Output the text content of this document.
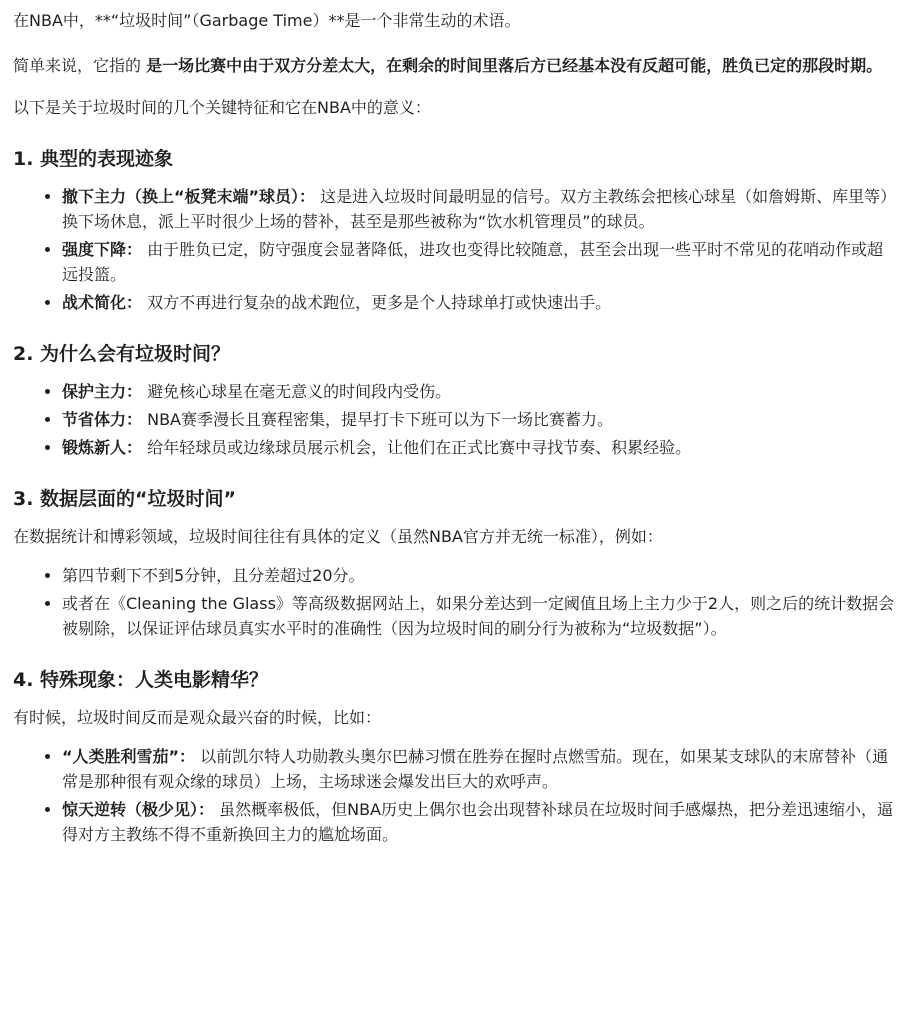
在NBA中，**“垃圾时间”（Garbage Time）**是一个非常生动的术语。

简单来说，它指的 是一场比赛中由于双方分差太大，在剩余的时间里落后方已经基本没有反超可能，胜负已定的那段时期。

以下是关于垃圾时间的几个关键特征和它在NBA中的意义：

1. 典型的表现迹象
• 撤下主力（换上“板凳末端”球员）： 这是进入垃圾时间最明显的信号。双方主教练会把核心球星（如詹姆斯、库里等）换下场休息，派上平时很少上场的替补，甚至是那些被称为“饮水机管理员”的球员。
• 强度下降： 由于胜负已定，防守强度会显著降低，进攻也变得比较随意，甚至会出现一些平时不常见的花哨动作或超远投篮。
• 战术简化： 双方不再进行复杂的战术跑位，更多是个人持球单打或快速出手。
2. 为什么会有垃圾时间？
• 保护主力： 避免核心球星在毫无意义的时间段内受伤。
• 节省体力： NBA赛季漫长且赛程密集，提早打卡下班可以为下一场比赛蓄力。
• 锻炼新人： 给年轻球员或边缘球员展示机会，让他们在正式比赛中寻找节奏、积累经验。
3. 数据层面的“垃圾时间”

在数据统计和博彩领域，垃圾时间往往有具体的定义（虽然NBA官方并无统一标准），例如：

• 第四节剩下不到5分钟，且分差超过20分。
• 或者在《Cleaning the Glass》等高级数据网站上，如果分差达到一定阈值且场上主力少于2人，则之后的统计数据会被剔除，以保证评估球员真实水平时的准确性（因为垃圾时间的刷分行为被称为“垃圾数据”）。
4. 特殊现象：人类电影精华？

有时候，垃圾时间反而是观众最兴奋的时候，比如：

• “人类胜利雪茄”： 以前凯尔特人功勋教头奥尔巴赫习惯在胜券在握时点燃雪茄。现在，如果某支球队的末席替补（通常是那种很有观众缘的球员）上场，主场球迷会爆发出巨大的欢呼声。
• 惊天逆转（极少见）： 虽然概率极低，但NBA历史上偶尔也会出现替补球员在垃圾时间手感爆热，把分差迅速缩小，逼得对方主教练不得不重新换回主力的尴尬场面。
